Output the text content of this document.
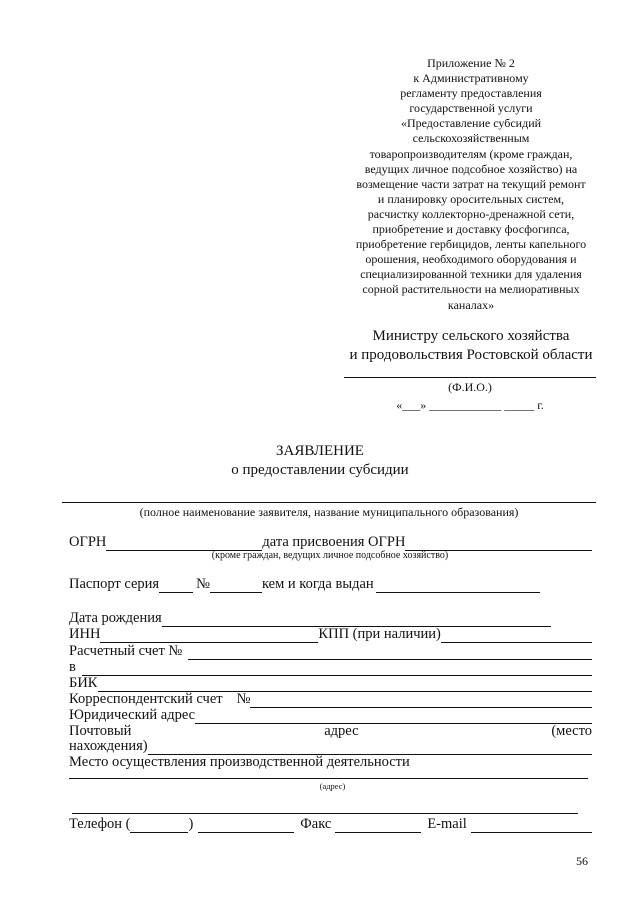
Приложение № 2
к Административному
регламенту предоставления
государственной услуги
«Предоставление субсидий
сельскохозяйственным
товаропроизводителям (кроме граждан,
ведущих личное подсобное хозяйство) на
возмещение части затрат на текущий ремонт
и планировку оросительных систем,
расчистку коллекторно-дренажной сети,
приобретение и доставку фосфогипса,
приобретение гербицидов, ленты капельного
орошения, необходимого оборудования и
специализированной техники для удаления
сорной растительности на мелиоративных
каналах»
Министру сельского хозяйства
и продовольствия Ростовской области
(Ф.И.О.)
«___» ____________ _____ г.
ЗАЯВЛЕНИЕ
о предоставлении субсидии
(полное наименование заявителя, название муниципального образования)
ОГРН	дата присвоения ОГРН
(кроме граждан, ведущих личное подсобное хозяйство)
Паспорт серия	№	кем и когда выдан
Дата рождения
ИНН	КПП (при наличии)
Расчетный счет №
в
БИК
Корреспондентский счет №
Юридический адрес
Почтовый	адрес	(место
нахождения)
Место осуществления производственной деятельности
(адрес)
Телефон (	)	Факс	E-mail
56
